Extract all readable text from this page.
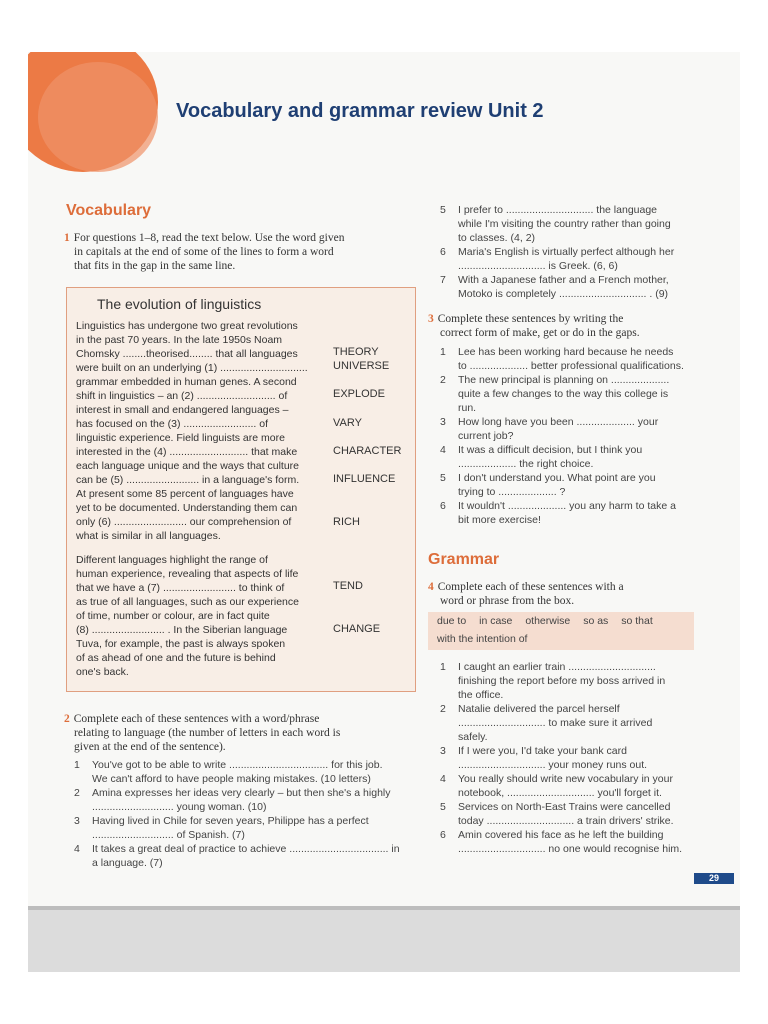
Vocabulary and grammar review Unit 2
Vocabulary
1 For questions 1–8, read the text below. Use the word given
in capitals at the end of some of the lines to form a word
that fits in the gap in the same line.
The evolution of linguistics
Linguistics has undergone two great revolutions
in the past 70 years. In the late 1950s Noam
Chomsky ........theorised........ that all languages
were built on an underlying (1) ..............................
grammar embedded in human genes. A second
shift in linguistics – an (2) ........................... of
interest in small and endangered languages –
has focused on the (3) ......................... of
linguistic experience. Field linguists are more
interested in the (4) ........................... that make
each language unique and the ways that culture
can be (5) ......................... in a language's form.
At present some 85 percent of languages have
yet to be documented. Understanding them can
only (6) ......................... our comprehension of
what is similar in all languages.
Different languages highlight the range of
human experience, revealing that aspects of life
that we have a (7) ......................... to think of
as true of all languages, such as our experience
of time, number or colour, are in fact quite
(8) ......................... . In the Siberian language
Tuva, for example, the past is always spoken
of as ahead of one and the future is behind
one's back.
THEORY
UNIVERSE
EXPLODE
VARY
CHARACTER
INFLUENCE
RICH
TEND
CHANGE
2 Complete each of these sentences with a word/phrase
relating to language (the number of letters in each word is
given at the end of the sentence).
1 You've got to be able to write .................................. for this job.
We can't afford to have people making mistakes. (10 letters)
2 Amina expresses her ideas very clearly – but then she's a highly
............................ young woman. (10)
3 Having lived in Chile for seven years, Philippe has a perfect
............................ of Spanish. (7)
4 It takes a great deal of practice to achieve .................................. in
a language. (7)
5 I prefer to .............................. the language
while I'm visiting the country rather than going
to classes. (4, 2)
6 Maria's English is virtually perfect although her
.............................. is Greek. (6, 6)
7 With a Japanese father and a French mother,
Motoko is completely .............................. . (9)
3 Complete these sentences by writing the
correct form of make, get or do in the gaps.
1 Lee has been working hard because he needs
to .................... better professional qualifications.
2 The new principal is planning on ....................
quite a few changes to the way this college is
run.
3 How long have you been .................... your
current job?
4 It was a difficult decision, but I think you
.................... the right choice.
5 I don't understand you. What point are you
trying to .................... ?
6 It wouldn't .................... you any harm to take a
bit more exercise!
Grammar
4 Complete each of these sentences with a
word or phrase from the box.
due to in case otherwise so as so that
with the intention of
1 I caught an earlier train ..............................
finishing the report before my boss arrived in
the office.
2 Natalie delivered the parcel herself
.............................. to make sure it arrived
safely.
3 If I were you, I'd take your bank card
.............................. your money runs out.
4 You really should write new vocabulary in your
notebook, .............................. you'll forget it.
5 Services on North-East Trains were cancelled
today .............................. a train drivers' strike.
6 Amin covered his face as he left the building
.............................. no one would recognise him.
29
